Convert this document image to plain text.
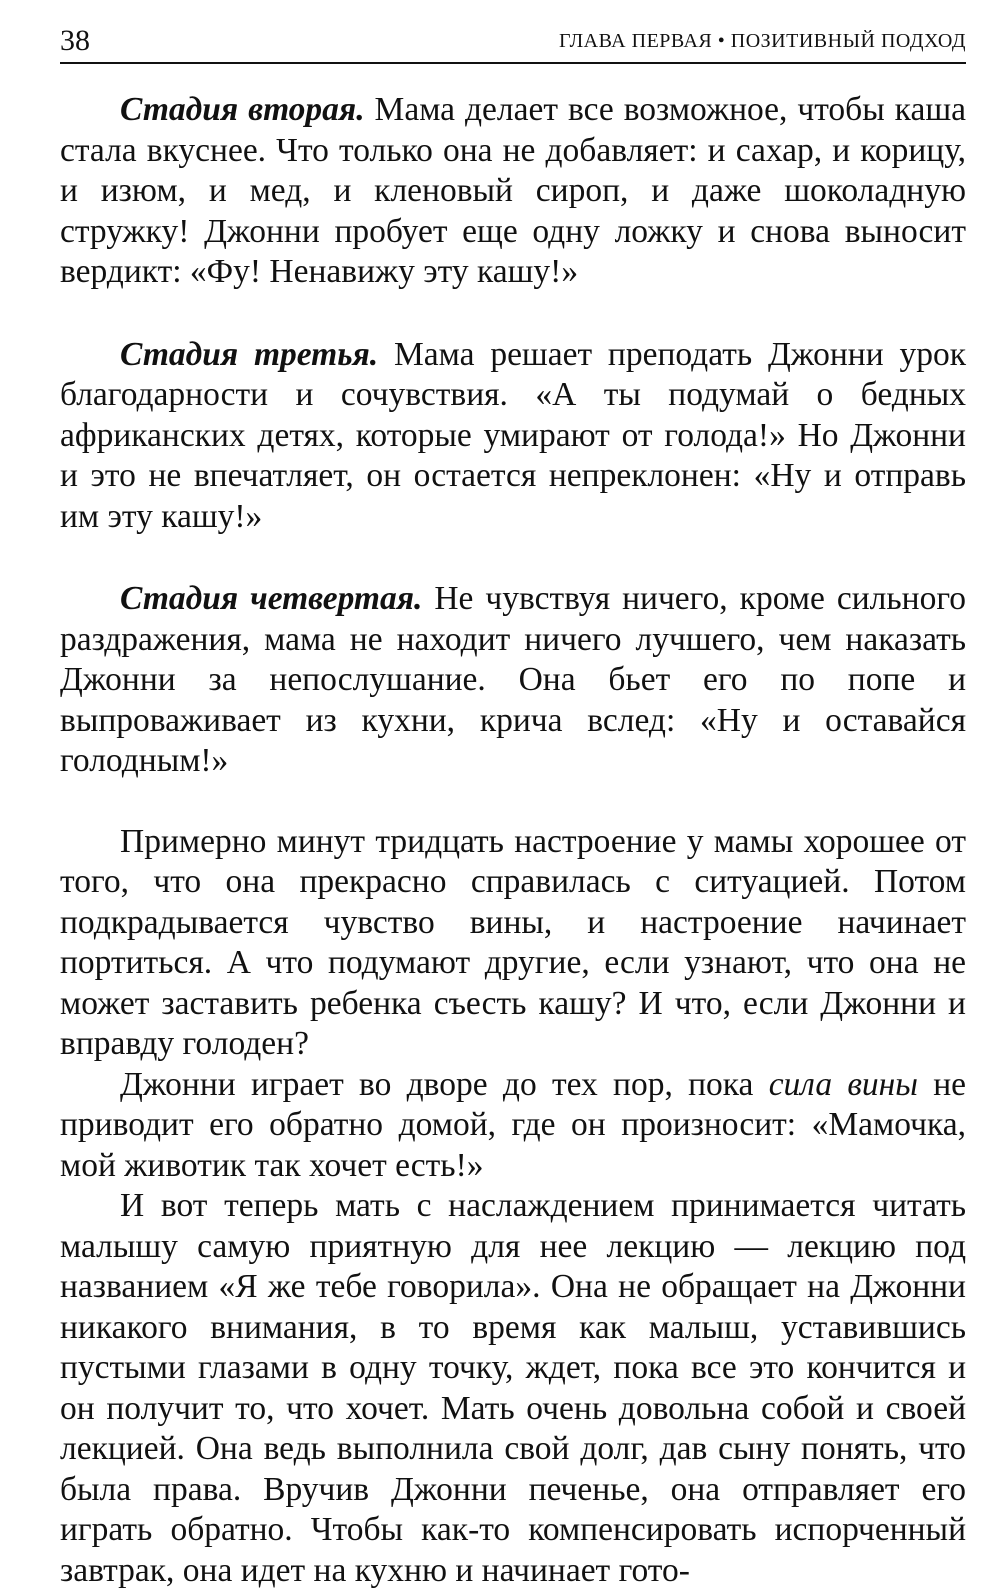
38	ГЛАВА ПЕРВАЯ • ПОЗИТИВНЫЙ ПОДХОД

Стадия вторая. Мама делает все возможное, чтобы каша стала вкуснее. Что только она не добавляет: и сахар, и корицу, и изюм, и мед, и кленовый сироп, и даже шоколадную стружку! Джонни пробует еще одну ложку и снова выносит вердикт: «Фу! Ненавижу эту кашу!»

Стадия третья. Мама решает преподать Джонни урок благодарности и сочувствия. «А ты подумай о бедных африканских детях, которые умирают от голода!» Но Джонни и это не впечатляет, он остается непреклонен: «Ну и отправь им эту кашу!»

Стадия четвертая. Не чувствуя ничего, кроме сильного раздражения, мама не находит ничего лучшего, чем наказать Джонни за непослушание. Она бьет его по попе и выпроваживает из кухни, крича вслед: «Ну и оставайся голодным!»

Примерно минут тридцать настроение у мамы хорошее от того, что она прекрасно справилась с ситуацией. Потом подкрадывается чувство вины, и настроение начинает портиться. А что подумают другие, если узнают, что она не может заставить ребенка съесть кашу? И что, если Джонни и вправду голоден?

Джонни играет во дворе до тех пор, пока сила вины не приводит его обратно домой, где он произносит: «Мамочка, мой животик так хочет есть!»

И вот теперь мать с наслаждением принимается читать малышу самую приятную для нее лекцию — лекцию под названием «Я же тебе говорила». Она не обращает на Джонни никакого внимания, в то время как малыш, уставившись пустыми глазами в одну точку, ждет, пока все это кончится и он получит то, что хочет. Мать очень довольна собой и своей лекцией. Она ведь выполнила свой долг, дав сыну понять, что была права. Вручив Джонни печенье, она отправляет его играть обратно. Чтобы как-то компенсировать испорченный завтрак, она идет на кухню и начинает гото-
